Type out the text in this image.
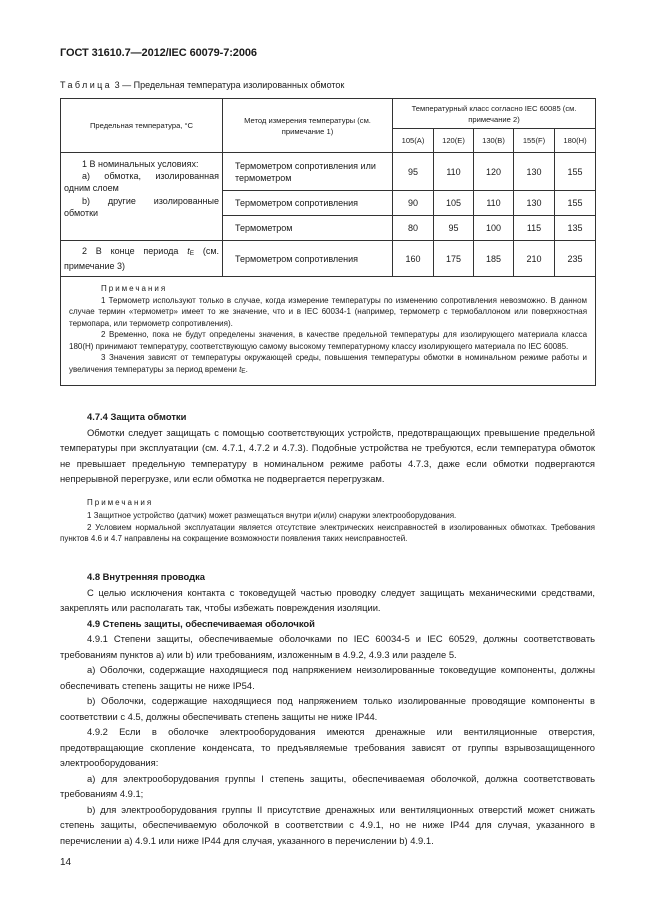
ГОСТ 31610.7—2012/IEC 60079-7:2006
Таблица 3 — Предельная температура изолированных обмоток
Предельная температура, °С	Метод измерения температуры (см. примечание 1)	Температурный класс согласно IEC 60085 (см. примечание 2)				
		105(А)	120(Е)	130(В)	155(F)	180(Н)

1 В номинальных условиях:
а) обмотка, изолированная одним слоем
b) другие изолированные обмотки	Термометром сопротивления или термометром	95	110	120	130	155
	Термометром сопротивления	90	105	110	130	155
	Термометром	80	95	100	115	135
2 В конце периода tE (см. примечание 3)	Термометром сопротивления	160	175	185	210	235

Примечания

1 Термометр используют только в случае, когда измерение температуры по изменению сопротивления невозможно. В данном случае термин «термометр» имеет то же значение, что и в IEC 60034-1 (например, термометр с термобаллоном или поверхностная термопара, или термометр сопротивления).

2 Временно, пока не будут определены значения, в качестве предельной температуры для изолирующего материала класса 180(Н) принимают температуру, соответствующую самому высокому температурному классу изолирующего материала по IEC 60085.

3 Значения зависят от температуры окружающей среды, повышения температуры обмотки в номинальном режиме работы и увеличения температуры за период времени tE.						

4.7.4 Защита обмотки

Обмотки следует защищать с помощью соответствующих устройств, предотвращающих превышение предельной температуры при эксплуатации (см. 4.7.1, 4.7.2 и 4.7.3). Подобные устройства не требуются, если температура обмоток не превышает предельную температуру в номинальном режиме работы 4.7.3, даже если обмотки подвергаются непрерывной перегрузке, или если обмотка не подвергается перегрузкам.

Примечания

1 Защитное устройство (датчик) может размещаться внутри и(или) снаружи электрооборудования.

2 Условием нормальной эксплуатации является отсутствие электрических неисправностей в изолированных обмотках. Требования пунктов 4.6 и 4.7 направлены на сокращение возможности появления таких неисправностей.

4.8 Внутренняя проводка

С целью исключения контакта с токоведущей частью проводку следует защищать механическими средствами, закреплять или располагать так, чтобы избежать повреждения изоляции.

4.9 Степень защиты, обеспечиваемая оболочкой

4.9.1 Степени защиты, обеспечиваемые оболочками по IEC 60034-5 и IEC 60529, должны соответствовать требованиям пунктов а) или b) или требованиям, изложенным в 4.9.2, 4.9.3 или разделе 5.

а) Оболочки, содержащие находящиеся под напряжением неизолированные токоведущие компоненты, должны обеспечивать степень защиты не ниже IP54.

b) Оболочки, содержащие находящиеся под напряжением только изолированные проводящие компоненты в соответствии с 4.5, должны обеспечивать степень защиты не ниже IP44.

4.9.2 Если в оболочке электрооборудования имеются дренажные или вентиляционные отверстия, предотвращающие скопление конденсата, то предъявляемые требования зависят от группы взрывозащищенного электрооборудования:

а) для электрооборудования группы I степень защиты, обеспечиваемая оболочкой, должна соответствовать требованиям 4.9.1;

b) для электрооборудования группы II присутствие дренажных или вентиляционных отверстий может снижать степень защиты, обеспечиваемую оболочкой в соответствии с 4.9.1, но не ниже IP44 для случая, указанного в перечислении а) 4.9.1 или ниже IP44 для случая, указанного в перечислении b) 4.9.1.

14
